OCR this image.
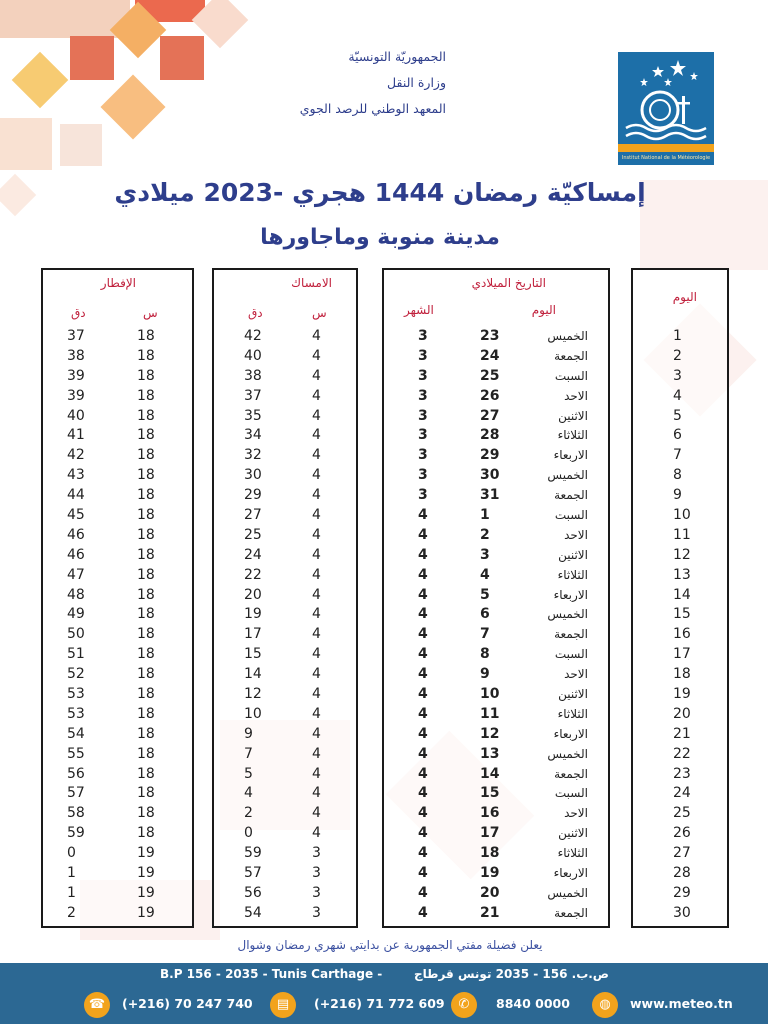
الجمهوريّة التونسيّة
وزارة النقل
المعهد الوطني للرصد الجوي
Institut National de la Météorologie
إمساكيّة رمضان 1444 هجري -2023 ميلادي
مدينة منوبة وماجاورها
الإفطار
س
دق
37	18
38	18
39	18
39	18
40	18
41	18
42	18
43	18
44	18
45	18
46	18
46	18
47	18
48	18
49	18
50	18
51	18
52	18
53	18
53	18
54	18
55	18
56	18
57	18
58	18
59	18
0	19
1	19
1	19
2	19
الامساك
س
دق
42	4
40	4
38	4
37	4
35	4
34	4
32	4
30	4
29	4
27	4
25	4
24	4
22	4
20	4
19	4
17	4
15	4
14	4
12	4
10	4
9	4
7	4
5	4
4	4
2	4
0	4
59	3
57	3
56	3
54	3
التاريخ الميلادي
اليوم
الشهر
3	23	الخميس
3	24	الجمعة
3	25	السبت
3	26	الاحد
3	27	الاثنين
3	28	الثلاثاء
3	29	الاربعاء
3	30	الخميس
3	31	الجمعة
4	1	السبت
4	2	الاحد
4	3	الاثنين
4	4	الثلاثاء
4	5	الاربعاء
4	6	الخميس
4	7	الجمعة
4	8	السبت
4	9	الاحد
4	10	الاثنين
4	11	الثلاثاء
4	12	الاربعاء
4	13	الخميس
4	14	الجمعة
4	15	السبت
4	16	الاحد
4	17	الاثنين
4	18	الثلاثاء
4	19	الاربعاء
4	20	الخميس
4	21	الجمعة
اليوم
1
2
3
4
5
6
7
8
9
10
11
12
13
14
15
16
17
18
19
20
21
22
23
24
25
26
27
28
29
30
يعلن فضيلة مفتي الجمهورية عن بدايتي شهري رمضان وشوال
B.P 156 - 2035 - Tunis Carthage -	ص.ب. 156 - 2035 تونس قرطاج
☎	(+216) 70 247 740	▤	(+216) 71 772 609	✆	8840 0000	◍	www.meteo.tn
